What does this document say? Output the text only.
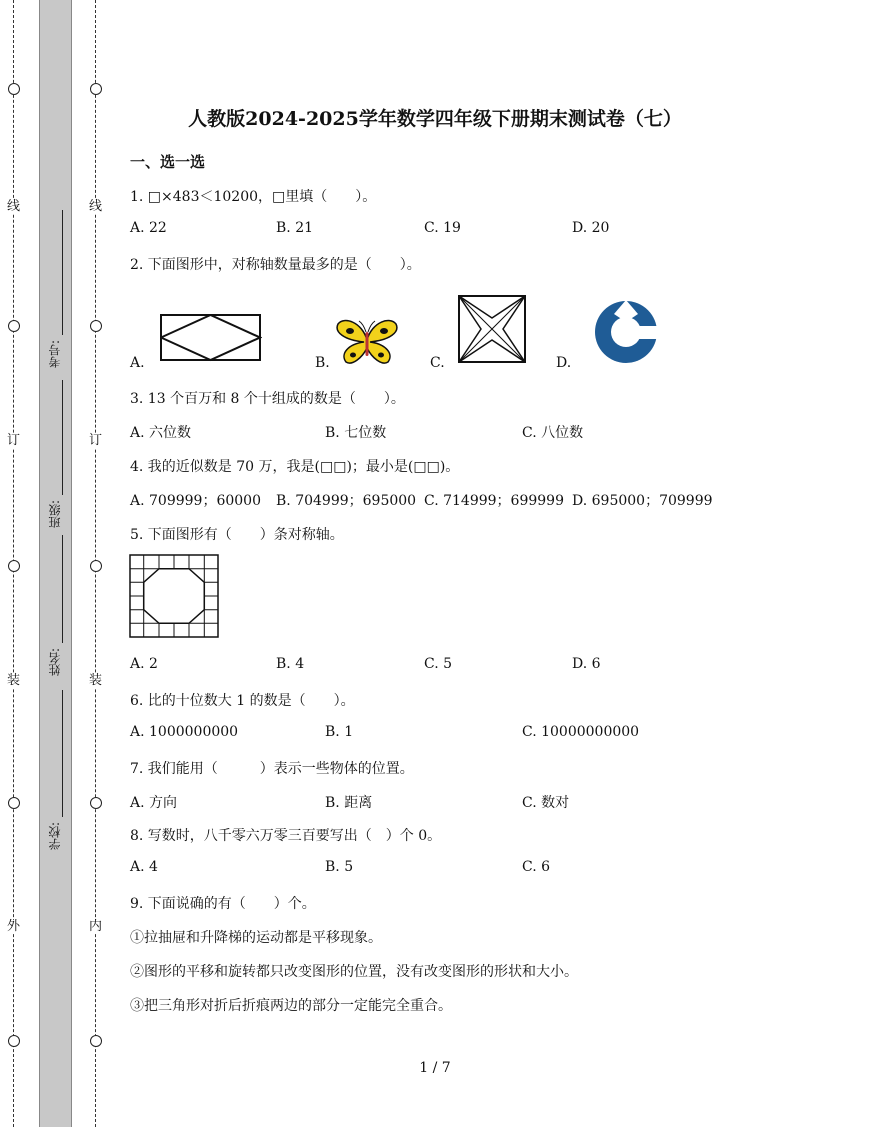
线
订
装
外
线
订
装
内
考号:
班级:
姓名:
学校:
人教版2024-2025学年数学四年级下册期末测试卷（七）
一、选一选
1. □×483＜10200，□里填（　　）。
A. 22	B. 21	C. 19	D. 20
2. 下面图形中，对称轴数量最多的是（　　）。
A.	B.	C.	D.
3. 13 个百万和 8 个十组成的数是（　　）。
A. 六位数	B. 七位数	C. 八位数
4. 我的近似数是 70 万，我是(□□)；最小是(□□)。
A. 709999；60000 B. 704999；695000 C. 714999；699999 D. 695000；709999
5. 下面图形有（　　）条对称轴。
A. 2	B. 4	C. 5	D. 6
6. 比的十位数大 1 的数是（　　）。
A. 1000000000	B. 1	C. 10000000000
7. 我们能用（　　　）表示一些物体的位置。
A. 方向	B. 距离	C. 数对
8. 写数时，八千零六万零三百要写出（　）个 0。
A. 4	B. 5	C. 6
9. 下面说确的有（　　）个。
①拉抽屉和升降梯的运动都是平移现象。
②图形的平移和旋转都只改变图形的位置，没有改变图形的形状和大小。
③把三角形对折后折痕两边的部分一定能完全重合。
1 / 7
